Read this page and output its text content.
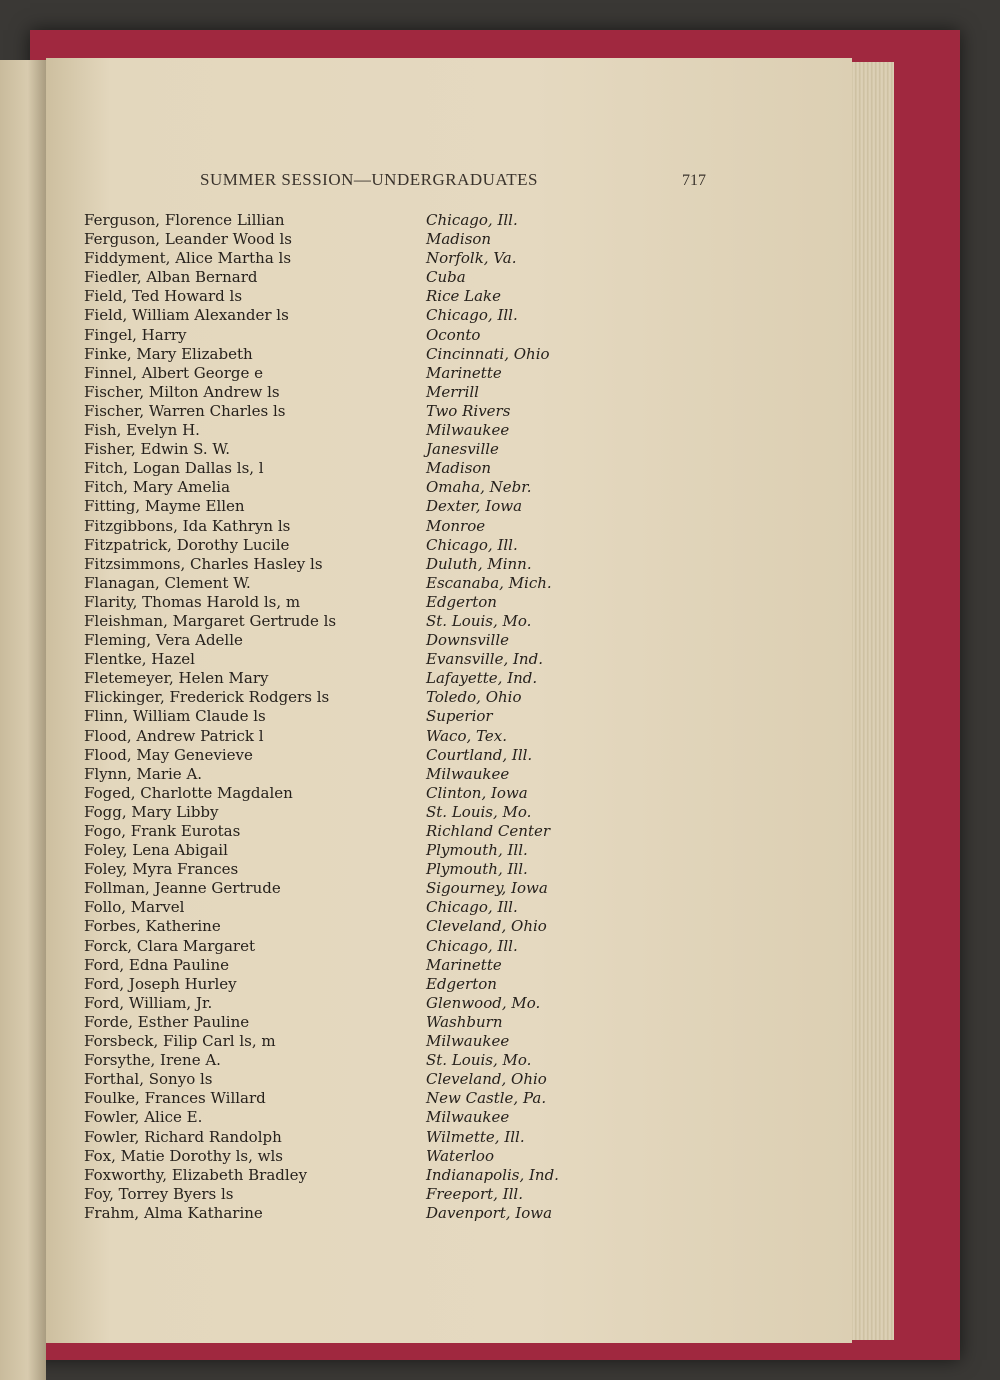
SUMMER SESSION—UNDERGRADUATES	717
Ferguson, Florence Lillian	Chicago, Ill.
Ferguson, Leander Wood ls	Madison
Fiddyment, Alice Martha ls	Norfolk, Va.
Fiedler, Alban Bernard	Cuba
Field, Ted Howard ls	Rice Lake
Field, William Alexander ls	Chicago, Ill.
Fingel, Harry	Oconto
Finke, Mary Elizabeth	Cincinnati, Ohio
Finnel, Albert George e	Marinette
Fischer, Milton Andrew ls	Merrill
Fischer, Warren Charles ls	Two Rivers
Fish, Evelyn H.	Milwaukee
Fisher, Edwin S. W.	Janesville
Fitch, Logan Dallas ls, l	Madison
Fitch, Mary Amelia	Omaha, Nebr.
Fitting, Mayme Ellen	Dexter, Iowa
Fitzgibbons, Ida Kathryn ls	Monroe
Fitzpatrick, Dorothy Lucile	Chicago, Ill.
Fitzsimmons, Charles Hasley ls	Duluth, Minn.
Flanagan, Clement W.	Escanaba, Mich.
Flarity, Thomas Harold ls, m	Edgerton
Fleishman, Margaret Gertrude ls	St. Louis, Mo.
Fleming, Vera Adelle	Downsville
Flentke, Hazel	Evansville, Ind.
Fletemeyer, Helen Mary	Lafayette, Ind.
Flickinger, Frederick Rodgers ls	Toledo, Ohio
Flinn, William Claude ls	Superior
Flood, Andrew Patrick l	Waco, Tex.
Flood, May Genevieve	Courtland, Ill.
Flynn, Marie A.	Milwaukee
Foged, Charlotte Magdalen	Clinton, Iowa
Fogg, Mary Libby	St. Louis, Mo.
Fogo, Frank Eurotas	Richland Center
Foley, Lena Abigail	Plymouth, Ill.
Foley, Myra Frances	Plymouth, Ill.
Follman, Jeanne Gertrude	Sigourney, Iowa
Follo, Marvel	Chicago, Ill.
Forbes, Katherine	Cleveland, Ohio
Forck, Clara Margaret	Chicago, Ill.
Ford, Edna Pauline	Marinette
Ford, Joseph Hurley	Edgerton
Ford, William, Jr.	Glenwood, Mo.
Forde, Esther Pauline	Washburn
Forsbeck, Filip Carl ls, m	Milwaukee
Forsythe, Irene A.	St. Louis, Mo.
Forthal, Sonyo ls	Cleveland, Ohio
Foulke, Frances Willard	New Castle, Pa.
Fowler, Alice E.	Milwaukee
Fowler, Richard Randolph	Wilmette, Ill.
Fox, Matie Dorothy ls, wls	Waterloo
Foxworthy, Elizabeth Bradley	Indianapolis, Ind.
Foy, Torrey Byers ls	Freeport, Ill.
Frahm, Alma Katharine	Davenport, Iowa
